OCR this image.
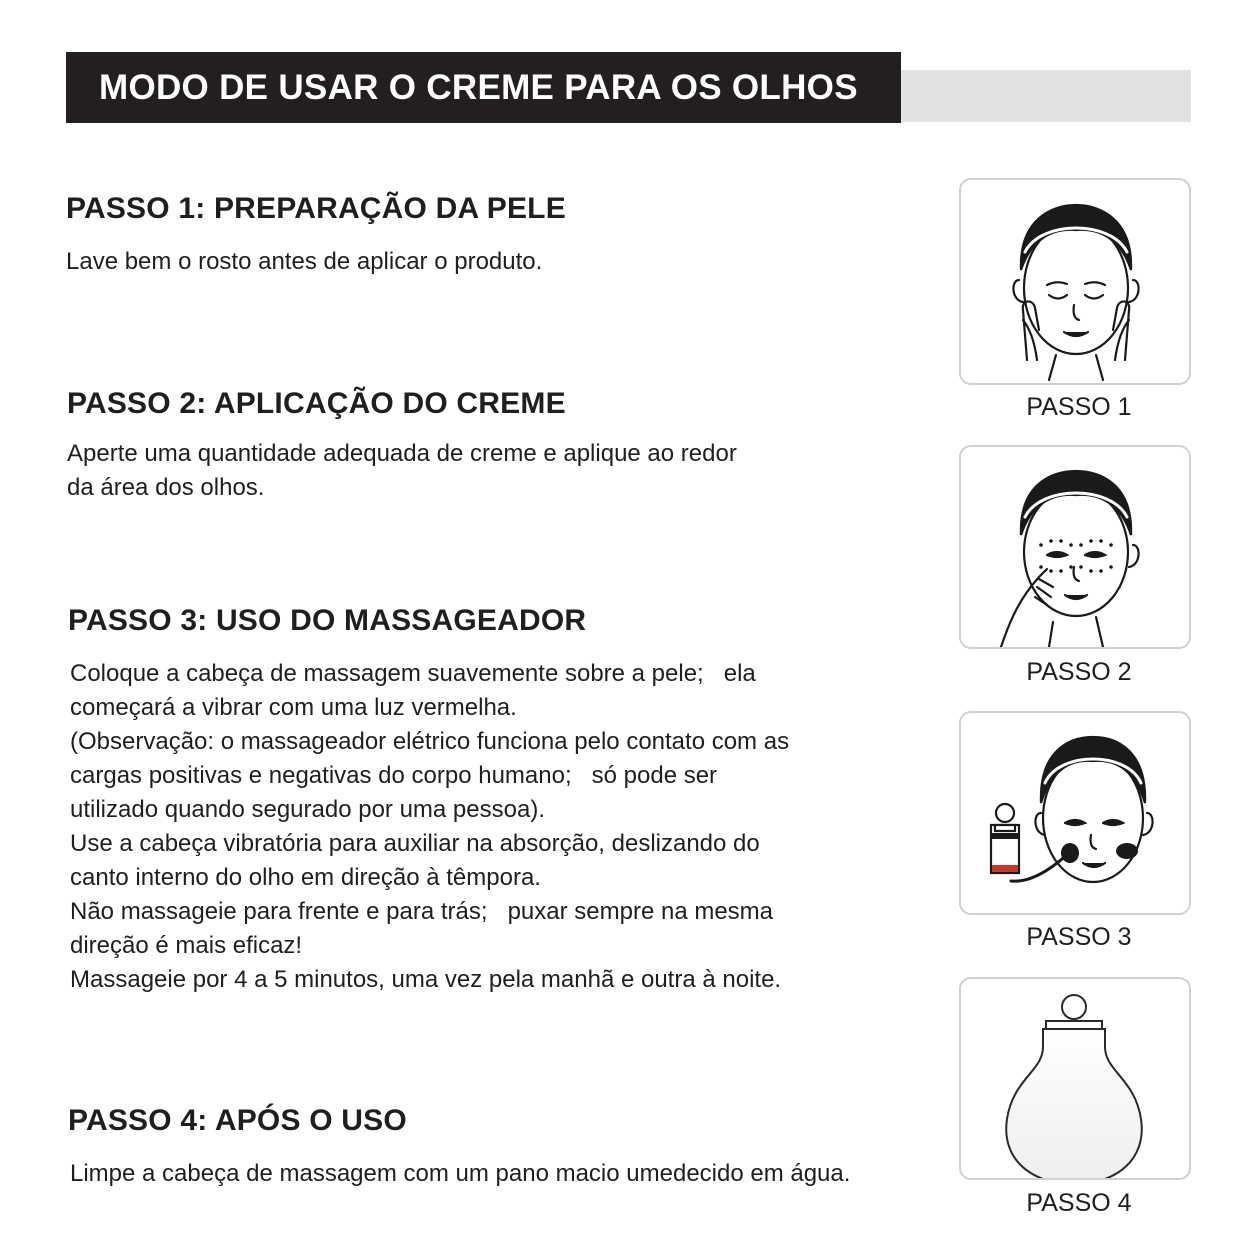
MODO DE USAR O CREME PARA OS OLHOS
PASSO 1: PREPARAÇÃO DA PELE
Lave bem o rosto antes de aplicar o produto.
PASSO 2: APLICAÇÃO DO CREME
Aperte uma quantidade adequada de creme e aplique ao redor
da área dos olhos.
PASSO 3: USO DO MASSAGEADOR
Coloque a cabeça de massagem suavemente sobre a pele;   ela
começará a vibrar com uma luz vermelha.
(Observação: o massageador elétrico funciona pelo contato com as
cargas positivas e negativas do corpo humano;   só pode ser
utilizado quando segurado por uma pessoa).
Use a cabeça vibratória para auxiliar na absorção, deslizando do
canto interno do olho em direção à têmpora.
Não massageie para frente e para trás;   puxar sempre na mesma
direção é mais eficaz!
Massageie por 4 a 5 minutos, uma vez pela manhã e outra à noite.
PASSO 4: APÓS O USO
Limpe a cabeça de massagem com um pano macio umedecido em água.
PASSO 1
PASSO 2
PASSO 3
PASSO 4
